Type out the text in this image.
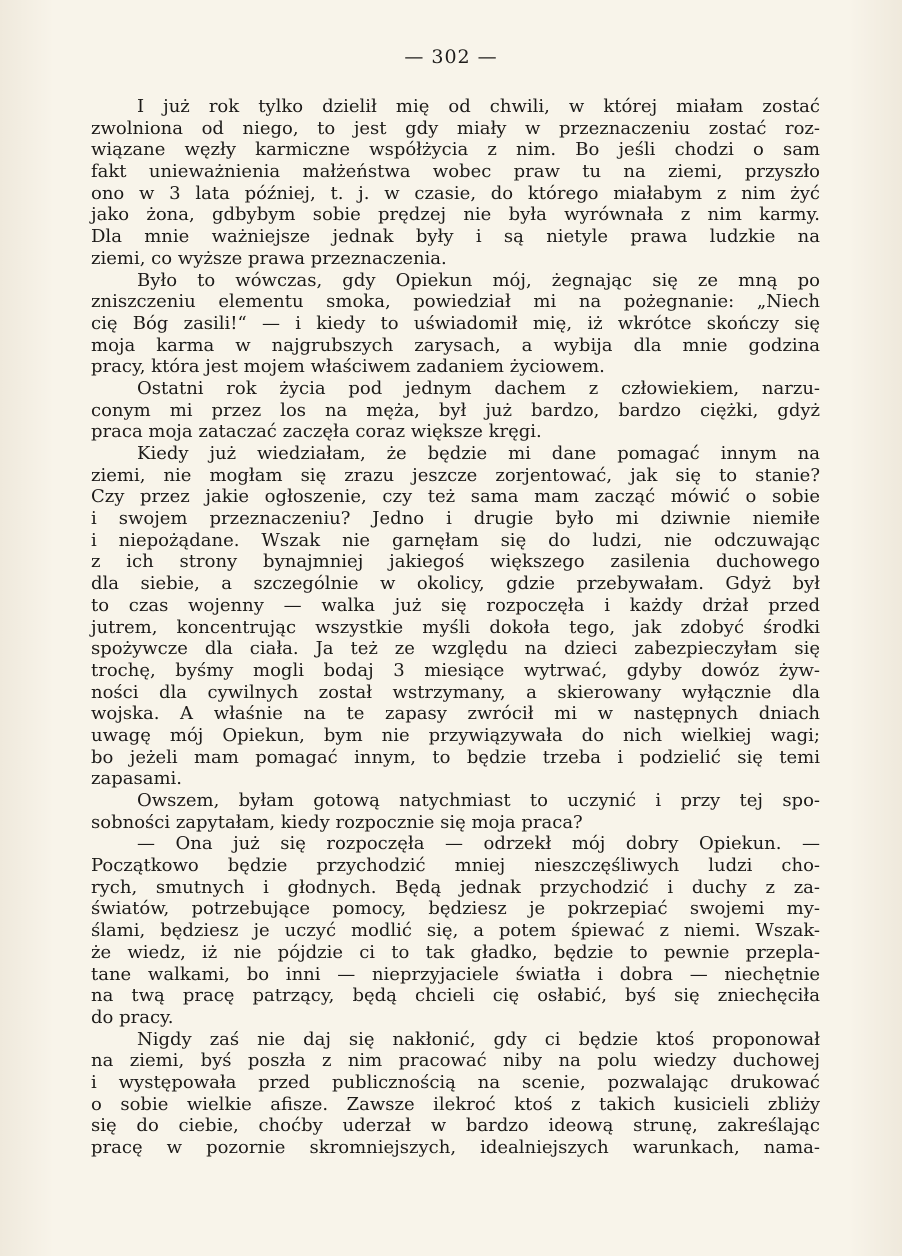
— 302 —
I już rok tylko dzielił mię od chwili, w której miałam zostać
zwolniona od niego, to jest gdy miały w przeznaczeniu zostać roz-
wiązane węzły karmiczne współżycia z nim. Bo jeśli chodzi o sam
fakt unieważnienia małżeństwa wobec praw tu na ziemi, przyszło
ono w 3 lata później, t. j. w czasie, do którego miałabym z nim żyć
jako żona, gdbybym sobie prędzej nie była wyrównała z nim karmy.
Dla mnie ważniejsze jednak były i są nietyle prawa ludzkie na
ziemi, co wyższe prawa przeznaczenia.
Było to wówczas, gdy Opiekun mój, żegnając się ze mną po
zniszczeniu elementu smoka, powiedział mi na pożegnanie: „Niech
cię Bóg zasili!“ — i kiedy to uświadomił mię, iż wkrótce skończy się
moja karma w najgrubszych zarysach, a wybija dla mnie godzina
pracy, która jest mojem właściwem zadaniem życiowem.
Ostatni rok życia pod jednym dachem z człowiekiem, narzu-
conym mi przez los na męża, był już bardzo, bardzo ciężki, gdyż
praca moja zataczać zaczęła coraz większe kręgi.
Kiedy już wiedziałam, że będzie mi dane pomagać innym na
ziemi, nie mogłam się zrazu jeszcze zorjentować, jak się to stanie?
Czy przez jakie ogłoszenie, czy też sama mam zacząć mówić o sobie
i swojem przeznaczeniu? Jedno i drugie było mi dziwnie niemiłe
i niepożądane. Wszak nie garnęłam się do ludzi, nie odczuwając
z ich strony bynajmniej jakiegoś większego zasilenia duchowego
dla siebie, a szczególnie w okolicy, gdzie przebywałam. Gdyż był
to czas wojenny — walka już się rozpoczęła i każdy drżał przed
jutrem, koncentrując wszystkie myśli dokoła tego, jak zdobyć środki
spożywcze dla ciała. Ja też ze względu na dzieci zabezpieczyłam się
trochę, byśmy mogli bodaj 3 miesiące wytrwać, gdyby dowóz żyw-
ności dla cywilnych został wstrzymany, a skierowany wyłącznie dla
wojska. A właśnie na te zapasy zwrócił mi w następnych dniach
uwagę mój Opiekun, bym nie przywiązywała do nich wielkiej wagi;
bo jeżeli mam pomagać innym, to będzie trzeba i podzielić się temi
zapasami.
Owszem, byłam gotową natychmiast to uczynić i przy tej spo-
sobności zapytałam, kiedy rozpocznie się moja praca?
— Ona już się rozpoczęła — odrzekł mój dobry Opiekun. —
Początkowo będzie przychodzić mniej nieszczęśliwych ludzi cho-
rych, smutnych i głodnych. Będą jednak przychodzić i duchy z za-
światów, potrzebujące pomocy, będziesz je pokrzepiać swojemi my-
ślami, będziesz je uczyć modlić się, a potem śpiewać z niemi. Wszak-
że wiedz, iż nie pójdzie ci to tak gładko, będzie to pewnie przepla-
tane walkami, bo inni — nieprzyjaciele światła i dobra — niechętnie
na twą pracę patrzący, będą chcieli cię osłabić, byś się zniechęciła
do pracy.
Nigdy zaś nie daj się nakłonić, gdy ci będzie ktoś proponował
na ziemi, byś poszła z nim pracować niby na polu wiedzy duchowej
i występowała przed publicznością na scenie, pozwalając drukować
o sobie wielkie afisze. Zawsze ilekroć ktoś z takich kusicieli zbliży
się do ciebie, choćby uderzał w bardzo ideową strunę, zakreślając
pracę w pozornie skromniejszych, idealniejszych warunkach, nama-
